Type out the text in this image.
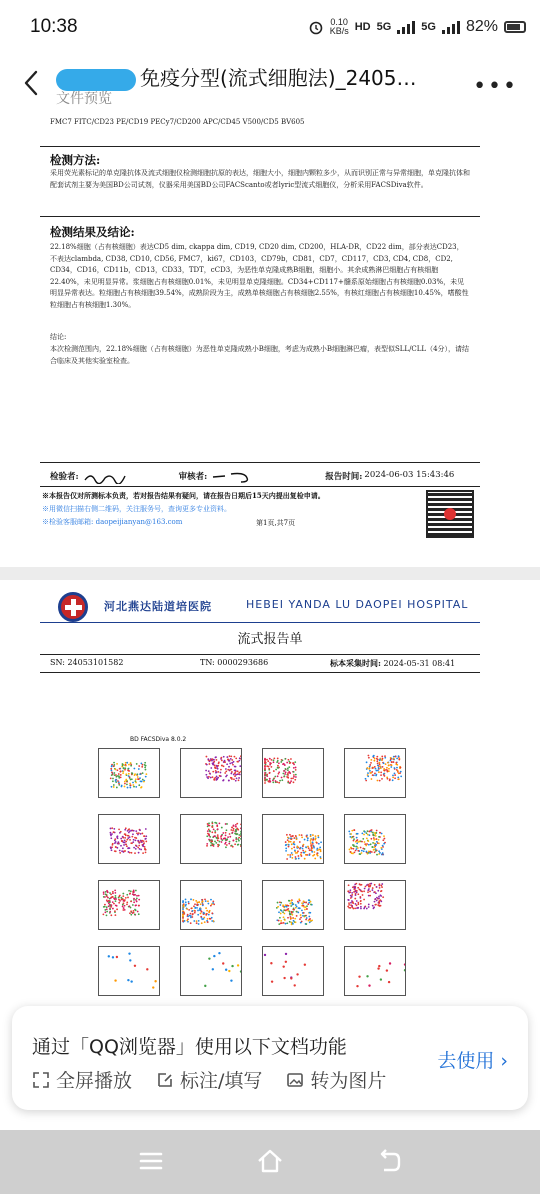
10:38	0.10
KB/s HD 5G	5G 82%
免疫分型(流式细胞法)_2405…
文件预览	•••
FMC7 FITC/CD23 PE/CD19 PECy7/CD200 APC/CD45 V500/CD5 BV605
检测方法:
采用荧光素标记的单克隆抗体及流式细胞仪检测细胞抗原的表达，细胞大小，细胞内颗粒多少，从而识别正常与异常细胞，单克隆抗体和配套试剂主要为美国BD公司试剂，仪器采用美国BD公司FACScanto或者lyric型流式细胞仪，分析采用FACSDiva软件。
检测结果及结论:
22.18%细胞（占有核细胞）表达CD5 dim, ckappa dim, CD19, CD20 dim, CD200，HLA-DR，CD22 dim，部分表达CD23，不表达clambda, CD38, CD10, CD56, FMC7，ki67，CD103，CD79b，CD81，CD7，CD117，CD3, CD4, CD8，CD2, CD34，CD16，CD11b，CD13，CD33，TDT，cCD3，为恶性单克隆成熟B细胞，细胞小。其余成熟淋巴细胞占有核细胞22.40%，未见明显异常。浆细胞占有核细胞0.01%，未见明显单克隆细胞。CD34+CD117+髓系原始细胞占有核细胞0.03%，未见明显异常表达。粒细胞占有核细胞39.54%，成熟阶段为主，成熟单核细胞占有核细胞2.55%，有核红细胞占有核细胞10.45%，嗜酸性粒细胞占有核细胞1.30%。
结论:
本次检测范围内，22.18%细胞（占有核细胞）为恶性单克隆成熟小B细胞，考虑为成熟小B细胞淋巴瘤，表型似SLL/CLL（4分），请结合临床及其他实验室检查。
检验者:	审核者:	报告时间: 2024-06-03 15:43:46
※本报告仅对所测标本负责，若对报告结果有疑问，请在报告日期后15天内提出复检申请。
※用微信扫描右侧二维码，关注服务号，查询更多专业资料。
※检验客服邮箱: daopeijianyan@163.com	第1页,共7页
河北燕达陆道培医院	HEBEI YANDA LU DAOPEI HOSPITAL
流式报告单
SN: 24053101582	TN: 0000293686	标本采集时间: 2024-05-31 08:41
BD FACSDiva 8.0.2
通过「QQ浏览器」使用以下文档功能
全屏播放	标注/填写	转为图片
去使用 ›
